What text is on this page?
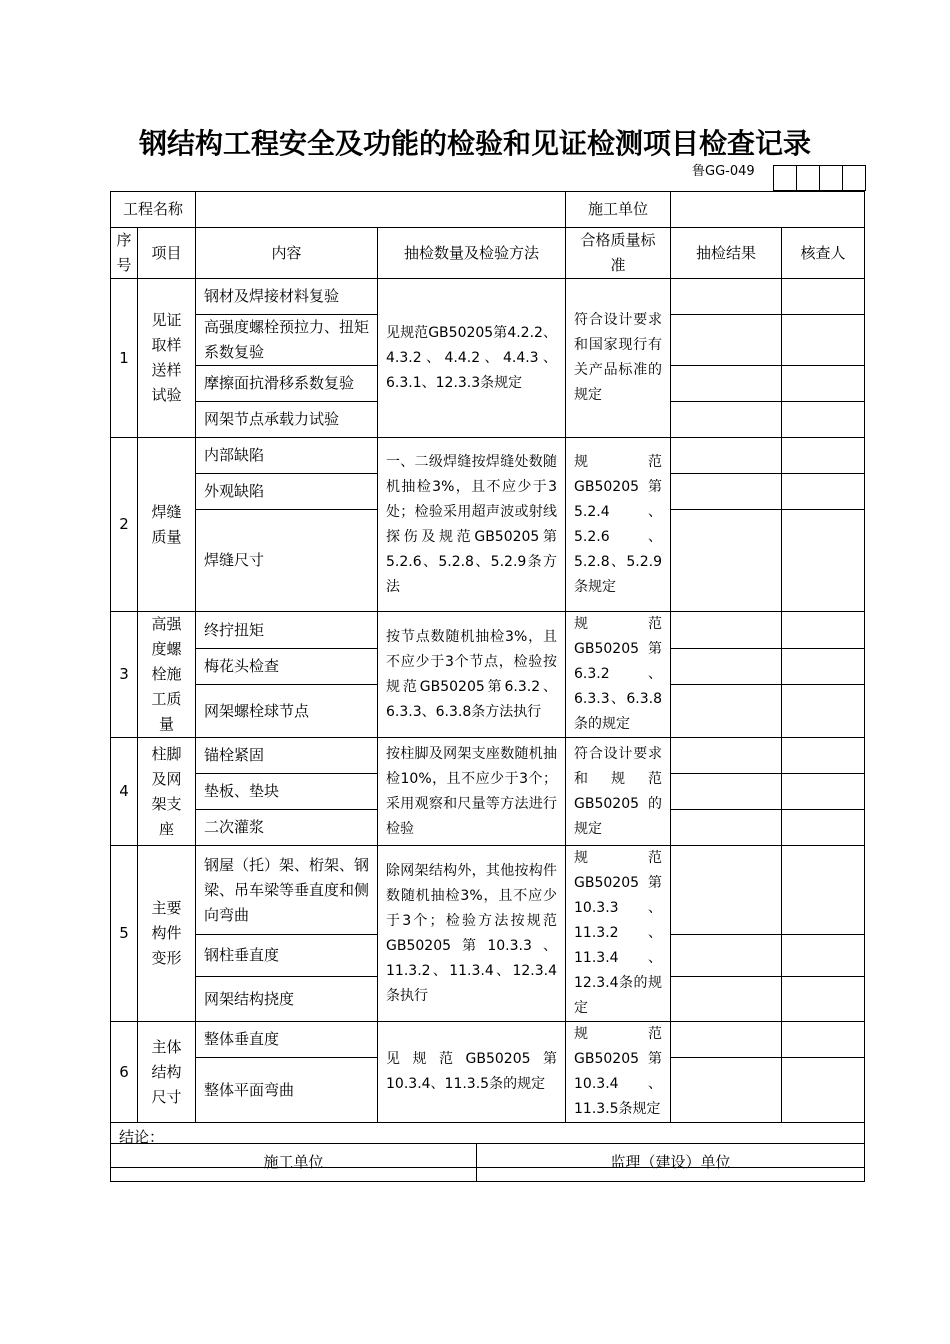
钢结构工程安全及功能的检验和见证检测项目检查记录
鲁GG-049
工程名称				施工单位		
序号	项目	内容	抽检数量及检验方法	合格质量标　准	抽检结果	核查人
1	见证取样送样试验	钢材及焊接材料复验	见规范GB50205第4.2.2、4.3.2、4.4.2、4.4.3、6.3.1、12.3.3条规定	符合设计要求和国家现行有关产品标准的规定		
		高强度螺栓预拉力、扭矩系数复验				
		摩擦面抗滑移系数复验				
		网架节点承载力试验				
2	焊缝质量	内部缺陷	一、二级焊缝按焊缝处数随机抽检3%，且不应少于3处；检验采用超声波或射线探伤及规范GB50205第5.2.6、5.2.8、5.2.9条方法	规范GB50205第5.2.4、5.2.6、5.2.8、5.2.9条规定		
		外观缺陷				
		焊缝尺寸				
3	高强度螺栓施工质量	终拧扭矩	按节点数随机抽检3%，且不应少于3个节点，检验按规范GB50205第6.3.2、6.3.3、6.3.8条方法执行	规范GB50205第6.3.2、6.3.3、6.3.8条的规定		
		梅花头检查				
		网架螺栓球节点				
4	柱脚及网架支座	锚栓紧固	按柱脚及网架支座数随机抽检10%，且不应少于3个；采用观察和尺量等方法进行检验	符合设计要求和规范GB50205的规定		
		垫板、垫块				
		二次灌浆				
5	主要构件变形	钢屋（托）架、桁架、钢梁、吊车梁等垂直度和侧向弯曲	除网架结构外，其他按构件数随机抽检3%，且不应少于3个；检验方法按规范GB50205第10.3.3、11.3.2、11.3.4、12.3.4条执行	规范GB50205第10.3.3、11.3.2、11.3.4、12.3.4条的规定		
		钢柱垂直度				
		网架结构挠度				
6	主体结构尺寸	整体垂直度	见规范GB50205第10.3.4、11.3.5条的规定	规范GB50205第10.3.4、11.3.5条规定		
		整体平面弯曲				
结论：						
施工单位	监理（建设）单位
